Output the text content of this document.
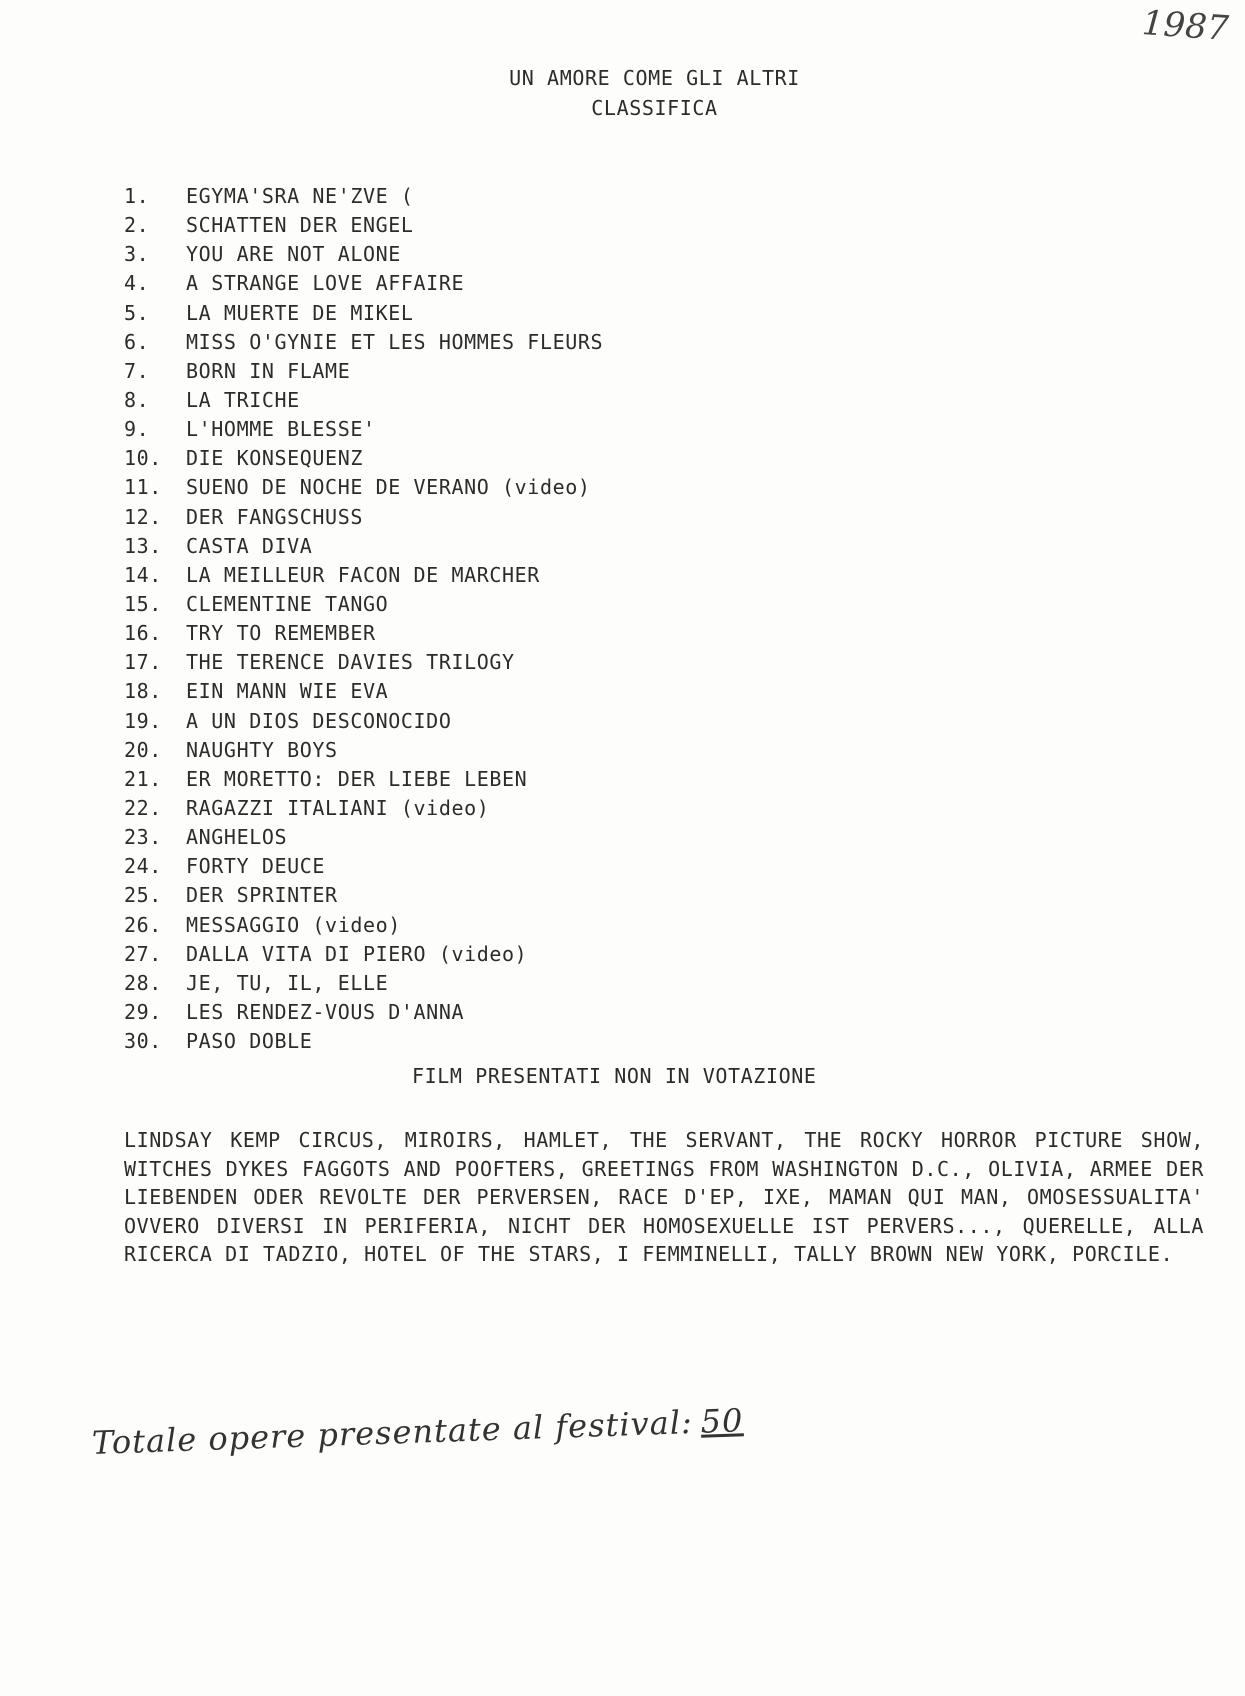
1987
UN AMORE COME GLI ALTRI
CLASSIFICA
1. EGYMA'SRA NE'ZVE (
2. SCHATTEN DER ENGEL
3. YOU ARE NOT ALONE
4. A STRANGE LOVE AFFAIRE
5. LA MUERTE DE MIKEL
6. MISS O'GYNIE ET LES HOMMES FLEURS
7. BORN IN FLAME
8. LA TRICHE
9. L'HOMME BLESSE'
10. DIE KONSEQUENZ
11. SUENO DE NOCHE DE VERANO (video)
12. DER FANGSCHUSS
13. CASTA DIVA
14. LA MEILLEUR FACON DE MARCHER
15. CLEMENTINE TANGO
16. TRY TO REMEMBER
17. THE TERENCE DAVIES TRILOGY
18. EIN MANN WIE EVA
19. A UN DIOS DESCONOCIDO
20. NAUGHTY BOYS
21. ER MORETTO: DER LIEBE LEBEN
22. RAGAZZI ITALIANI (video)
23. ANGHELOS
24. FORTY DEUCE
25. DER SPRINTER
26. MESSAGGIO (video)
27. DALLA VITA DI PIERO (video)
28. JE, TU, IL, ELLE
29. LES RENDEZ-VOUS D'ANNA
30. PASO DOBLE
FILM PRESENTATI NON IN VOTAZIONE
LINDSAY KEMP CIRCUS, MIROIRS, HAMLET, THE SERVANT, THE ROCKY HORROR PICTURE SHOW, WITCHES DYKES FAGGOTS AND POOFTERS, GREETINGS FROM WASHINGTON D.C., OLIVIA, ARMEE DER LIEBENDEN ODER REVOLTE DER PERVERSEN, RACE D'EP, IXE, MAMAN QUI MAN, OMOSESSUALITA' OVVERO DIVERSI IN PERIFERIA, NICHT DER HOMOSEXUELLE IST PERVERS..., QUERELLE, ALLA RICERCA DI TADZIO, HOTEL OF THE STARS, I FEMMINELLI, TALLY BROWN NEW YORK, PORCILE.
Totale opere presentate al festival: 50
